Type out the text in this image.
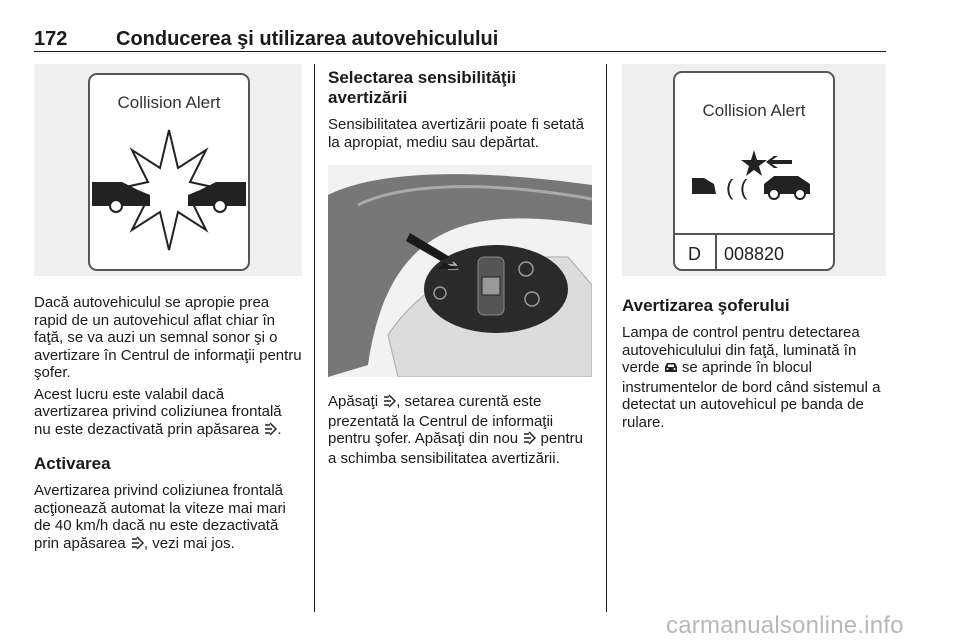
172 Conducerea şi utilizarea autovehiculului
Collision Alert

Dacă autovehiculul se apropie prea rapid de un autovehicul aflat chiar în faţă, se va auzi un semnal sonor şi o avertizare în Centrul de informaţii pentru şofer.

Acest lucru este valabil dacă avertizarea privind coliziunea frontală nu este dezactivată prin apăsarea .

Activarea

Avertizarea privind coliziunea frontală acţionează automat la viteze mai mari de 40 km/h dacă nu este dezactivată prin apăsarea , vezi mai jos.

Selectarea sensibilităţii avertizării

Sensibilitatea avertizării poate fi setată la apropiat, mediu sau depărtat.

Apăsaţi , setarea curentă este prezentată la Centrul de informaţii pentru şofer. Apăsaţi din nou  pentru a schimba sensibilitatea avertizării.

Collision Alert
( (
D 008820
Avertizarea şoferului

Lampa de control pentru detectarea autovehiculului din faţă, luminată în verde  se aprinde în blocul instrumentelor de bord când sistemul a detectat un autovehicul pe banda de rulare.

carmanualsonline.info
